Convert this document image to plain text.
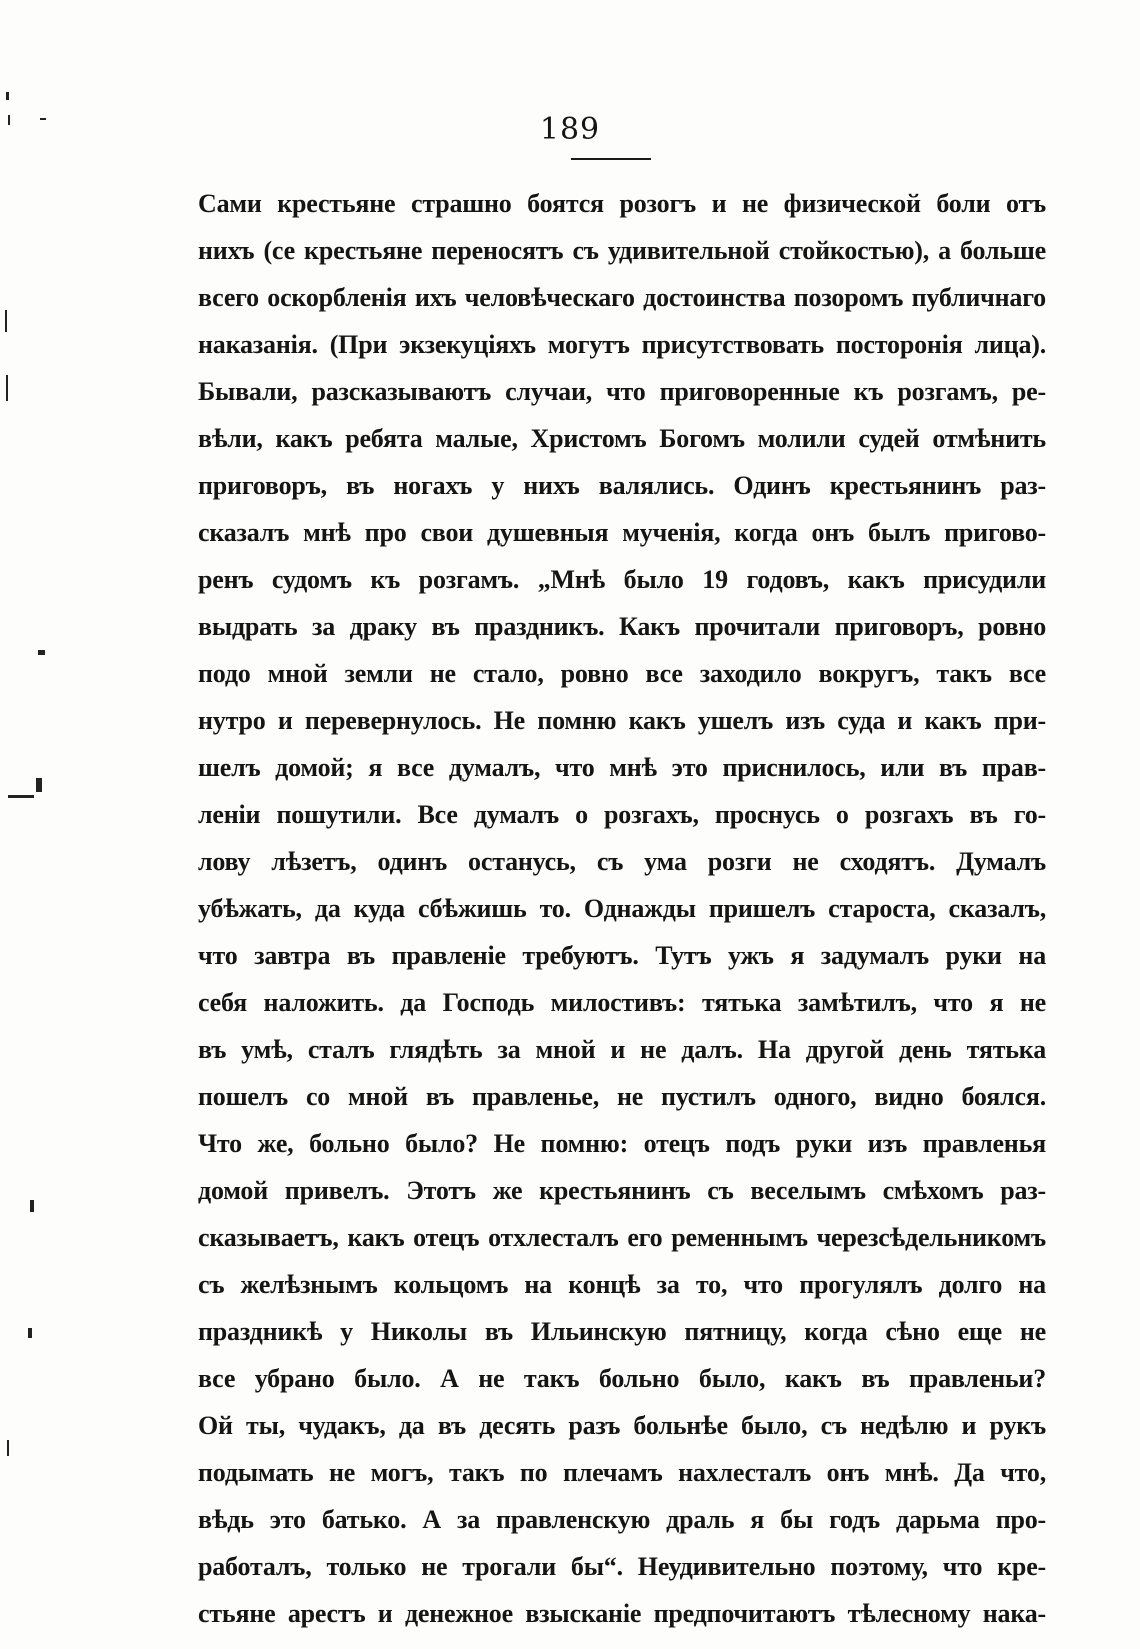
189
Сами крестьяне страшно боятся розогъ и не физической боли отъ
нихъ (се крестьяне переносятъ съ удивительной стойкостью), а больше
всего оскорбленія ихъ человѣческаго достоинства позоромъ публичнаго
наказанія. (При экзекуціяхъ могутъ присутствовать посторонія лица).
Бывали, разсказываютъ случаи, что приговоренные къ розгамъ, ре-
вѣли, какъ ребята малые, Христомъ Богомъ молили судей отмѣнить
приговоръ, въ ногахъ у нихъ валялись. Одинъ крестьянинъ раз-
сказалъ мнѣ про свои душевныя мученія, когда онъ былъ пригово-
ренъ судомъ къ розгамъ. „Мнѣ было 19 годовъ, какъ присудили
выдрать за драку въ праздникъ. Какъ прочитали приговоръ, ровно
подо мной земли не стало, ровно все заходило вокругъ, такъ все
нутро и перевернулось. Не помню какъ ушелъ изъ суда и какъ при-
шелъ домой; я все думалъ, что мнѣ это приснилось, или въ прав-
леніи пошутили. Все думалъ о розгахъ, проснусь о розгахъ въ го-
лову лѣзетъ, одинъ останусь, съ ума розги не сходятъ. Думалъ
убѣжать, да куда сбѣжишь то. Однажды пришелъ староста, сказалъ,
что завтра въ правленіе требуютъ. Тутъ ужъ я задумалъ руки на
себя наложить. да Господь милостивъ: тятька замѣтилъ, что я не
въ умѣ, сталъ глядѣть за мной и не далъ. На другой день тятька
пошелъ со мной въ правленье, не пустилъ одного, видно боялся.
Что же, больно было? Не помню: отецъ подъ руки изъ правленья
домой привелъ. Этотъ же крестьянинъ съ веселымъ смѣхомъ раз-
сказываетъ, какъ отецъ отхлесталъ его ременнымъ черезсѣдельникомъ
съ желѣзнымъ кольцомъ на концѣ за то, что прогулялъ долго на
праздникѣ у Николы въ Ильинскую пятницу, когда сѣно еще не
все убрано было. А не такъ больно было, какъ въ правленьи?
Ой ты, чудакъ, да въ десять разъ больнѣе было, съ недѣлю и рукъ
подымать не могъ, такъ по плечамъ нахлесталъ онъ мнѣ. Да что,
вѣдь это батько. А за правленскую драль я бы годъ дарьма про-
работалъ, только не трогали бы“. Неудивительно поэтому, что кре-
стьяне арестъ и денежное взысканіе предпочитаютъ тѣлесному нака-
